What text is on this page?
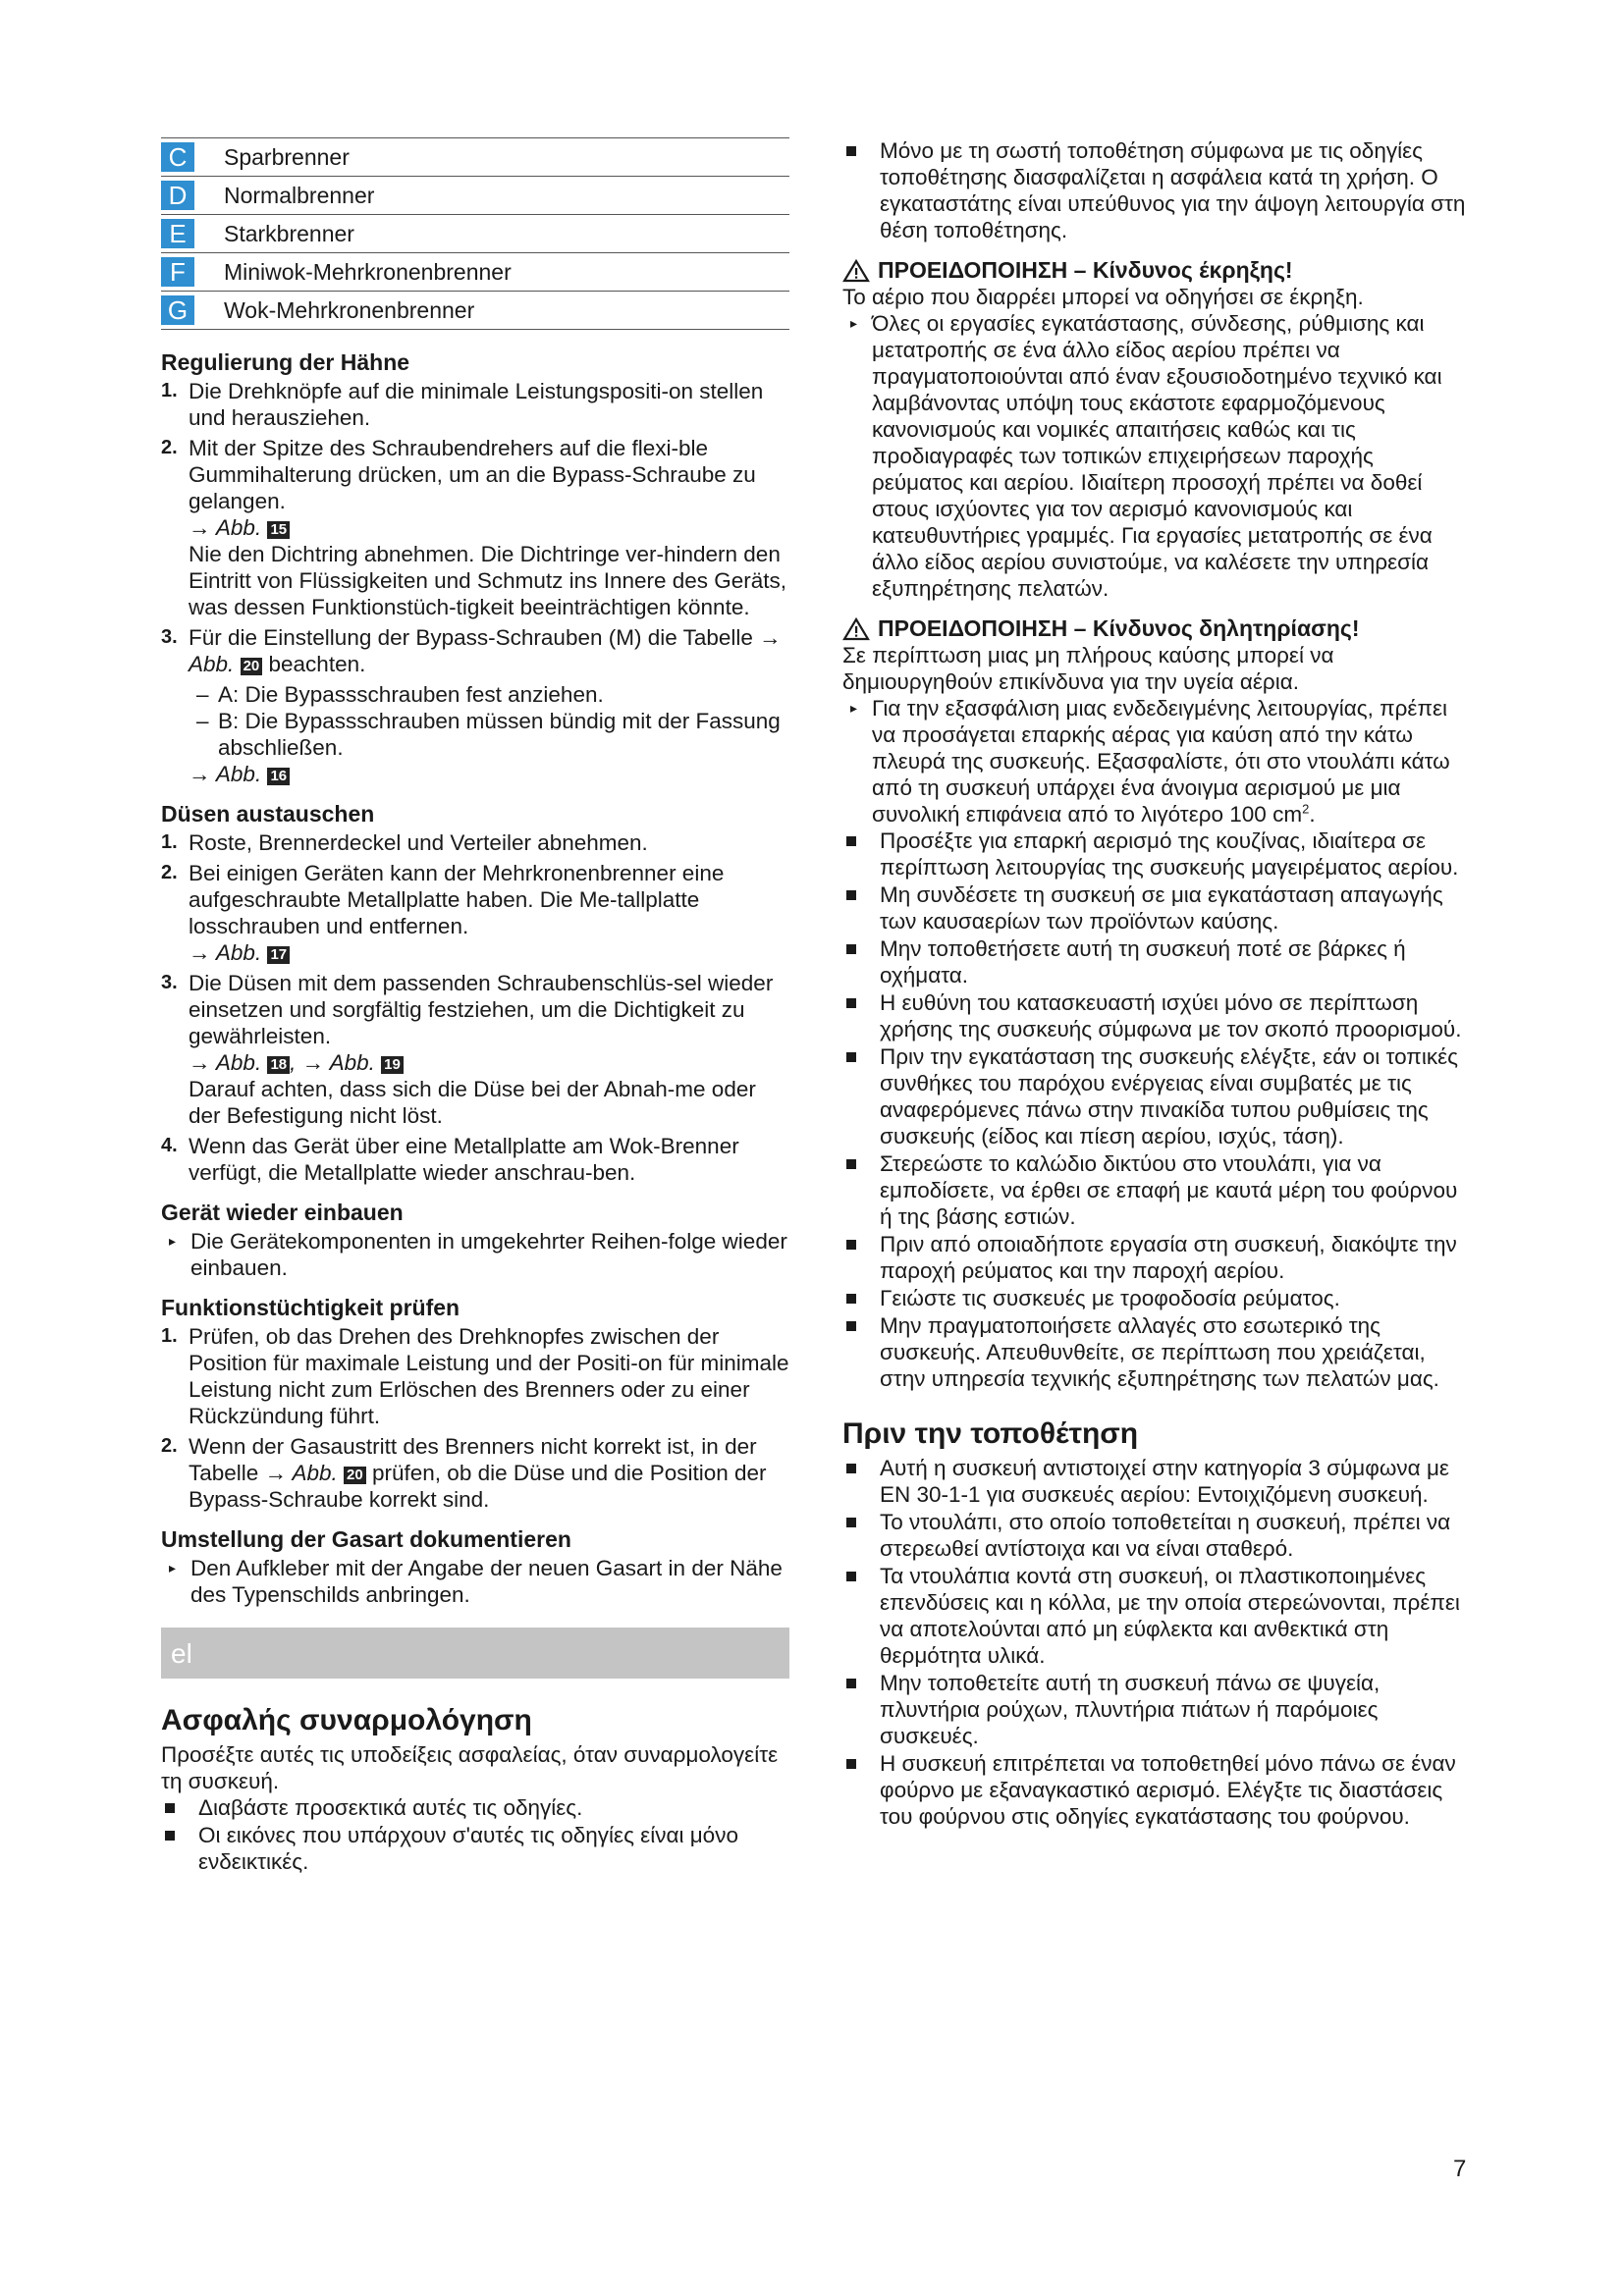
C	Sparbrenner
D	Normalbrenner
E	Starkbrenner
F	Miniwok-Mehrkronenbrenner
G Wok-Mehrkronenbrenner
Regulierung der Hähne
1. Die Drehknöpfe auf die minimale Leistungspositi-on stellen und herausziehen.
2. Mit der Spitze des Schraubendrehers auf die flexi-ble Gummihalterung drücken, um an die Bypass-Schraube zu gelangen.
→ Abb. 15
Nie den Dichtring abnehmen. Die Dichtringe ver-hindern den Eintritt von Flüssigkeiten und Schmutz ins Innere des Geräts, was dessen Funktionstüch-tigkeit beeinträchtigen könnte.
3. Für die Einstellung der Bypass-Schrauben (M) die Tabelle → Abb. 20 beachten.
– A: Die Bypassschrauben fest anziehen.
– B: Die Bypassschrauben müssen bündig mit der Fassung abschließen.
→ Abb. 16
Düsen austauschen
1. Roste, Brennerdeckel und Verteiler abnehmen.
2. Bei einigen Geräten kann der Mehrkronenbrenner eine aufgeschraubte Metallplatte haben. Die Me-tallplatte losschrauben und entfernen.
→ Abb. 17
3. Die Düsen mit dem passenden Schraubenschlüs-sel wieder einsetzen und sorgfältig festziehen, um die Dichtigkeit zu gewährleisten.
→ Abb. 18 , → Abb. 19
Darauf achten, dass sich die Düse bei der Abnah-me oder der Befestigung nicht löst.
4. Wenn das Gerät über eine Metallplatte am Wok-Brenner verfügt, die Metallplatte wieder anschrau-ben.
Gerät wieder einbauen
▸ Die Gerätekomponenten in umgekehrter Reihen-folge wieder einbauen.
Funktionstüchtigkeit prüfen
1. Prüfen, ob das Drehen des Drehknopfes zwischen der Position für maximale Leistung und der Positi-on für minimale Leistung nicht zum Erlöschen des Brenners oder zu einer Rückzündung führt.
2. Wenn der Gasaustritt des Brenners nicht korrekt ist, in der Tabelle → Abb. 20 prüfen, ob die Düse und die Position der Bypass-Schraube korrekt sind.
Umstellung der Gasart dokumentieren
▸ Den Aufkleber mit der Angabe der neuen Gasart in der Nähe des Typenschilds anbringen.
el
Ασφαλής συναρμολόγηση
Προσέξτε αυτές τις υποδείξεις ασφαλείας, όταν συναρμολογείτε τη συσκευή.
Διαβάστε προσεκτικά αυτές τις οδηγίες.
Οι εικόνες που υπάρχουν σ'αυτές τις οδηγίες είναι μόνο ενδεικτικές.
Μόνο με τη σωστή τοποθέτηση σύμφωνα με τις οδηγίες τοποθέτησης διασφαλίζεται η ασφάλεια κατά τη χρήση. Ο εγκαταστάτης είναι υπεύθυνος για την άψογη λειτουργία στη θέση τοποθέτησης.
ΠΡΟΕΙΔΟΠΟΙΗΣΗ – Κίνδυνος έκρηξης!
Το αέριο που διαρρέει μπορεί να οδηγήσει σε έκρηξη.
▸ Όλες οι εργασίες εγκατάστασης, σύνδεσης, ρύθμισης και μετατροπής σε ένα άλλο είδος αερίου πρέπει να πραγματοποιούνται από έναν εξουσιοδοτημένο τεχνικό και λαμβάνοντας υπόψη τους εκάστοτε εφαρμοζόμενους κανονισμούς και νομικές απαιτήσεις καθώς και τις προδιαγραφές των τοπικών επιχειρήσεων παροχής ρεύματος και αερίου. Ιδιαίτερη προσοχή πρέπει να δοθεί στους ισχύοντες για τον αερισμό κανονισμούς και κατευθυντήριες γραμμές. Για εργασίες μετατροπής σε ένα άλλο είδος αερίου συνιστούμε, να καλέσετε την υπηρεσία εξυπηρέτησης πελατών.
ΠΡΟΕΙΔΟΠΟΙΗΣΗ – Κίνδυνος δηλητηρίασης!
Σε περίπτωση μιας μη πλήρους καύσης μπορεί να δημιουργηθούν επικίνδυνα για την υγεία αέρια.
▸ Για την εξασφάλιση μιας ενδεδειγμένης λειτουργίας, πρέπει να προσάγεται επαρκής αέρας για καύση από την κάτω πλευρά της συσκευής. Εξασφαλίστε, ότι στο ντουλάπι κάτω από τη συσκευή υπάρχει ένα άνοιγμα αερισμού με μια συνολική επιφάνεια από το λιγότερο 100 $cm^2$.
Προσέξτε για επαρκή αερισμό της κουζίνας, ιδιαίτερα σε περίπτωση λειτουργίας της συσκευής μαγειρέματος αερίου.
Μη συνδέσετε τη συσκευή σε μια εγκατάσταση απαγωγής των καυσαερίων των προϊόντων καύσης.
Μην τοποθετήσετε αυτή τη συσκευή ποτέ σε βάρκες ή οχήματα.
Η ευθύνη του κατασκευαστή ισχύει μόνο σε περίπτωση χρήσης της συσκευής σύμφωνα με τον σκοπό προορισμού.
Πριν την εγκατάσταση της συσκευής ελέγξτε, εάν οι τοπικές συνθήκες του παρόχου ενέργειας είναι συμβατές με τις αναφερόμενες πάνω στην πινακίδα τυπου ρυθμίσεις της συσκευής (είδος και πίεση αερίου, ισχύς, τάση).
Στερεώστε το καλώδιο δικτύου στο ντουλάπι, για να εμποδίσετε, να έρθει σε επαφή με καυτά μέρη του φούρνου ή της βάσης εστιών.
Πριν από οποιαδήποτε εργασία στη συσκευή, διακόψτε την παροχή ρεύματος και την παροχή αερίου.
Γειώστε τις συσκευές με τροφοδοσία ρεύματος.
Μην πραγματοποιήσετε αλλαγές στο εσωτερικό της συσκευής. Απευθυνθείτε, σε περίπτωση που χρειάζεται, στην υπηρεσία τεχνικής εξυπηρέτησης των πελατών μας.
Πριν την τοποθέτηση
Αυτή η συσκευή αντιστοιχεί στην κατηγορία 3 σύμφωνα με EN 30-1-1 για συσκευές αερίου: Εντοιχιζόμενη συσκευή.
Το ντουλάπι, στο οποίο τοποθετείται η συσκευή, πρέπει να στερεωθεί αντίστοιχα και να είναι σταθερό.
Τα ντουλάπια κοντά στη συσκευή, οι πλαστικοποιημένες επενδύσεις και η κόλλα, με την οποία στερεώνονται, πρέπει να αποτελούνται από μη εύφλεκτα και ανθεκτικά στη θερμότητα υλικά.
Μην τοποθετείτε αυτή τη συσκευή πάνω σε ψυγεία, πλυντήρια ρούχων, πλυντήρια πιάτων ή παρόμοιες συσκευές.
Η συσκευή επιτρέπεται να τοποθετηθεί μόνο πάνω σε έναν φούρνο με εξαναγκαστικό αερισμό. Ελέγξτε τις διαστάσεις του φούρνου στις οδηγίες εγκατάστασης του φούρνου.
7
